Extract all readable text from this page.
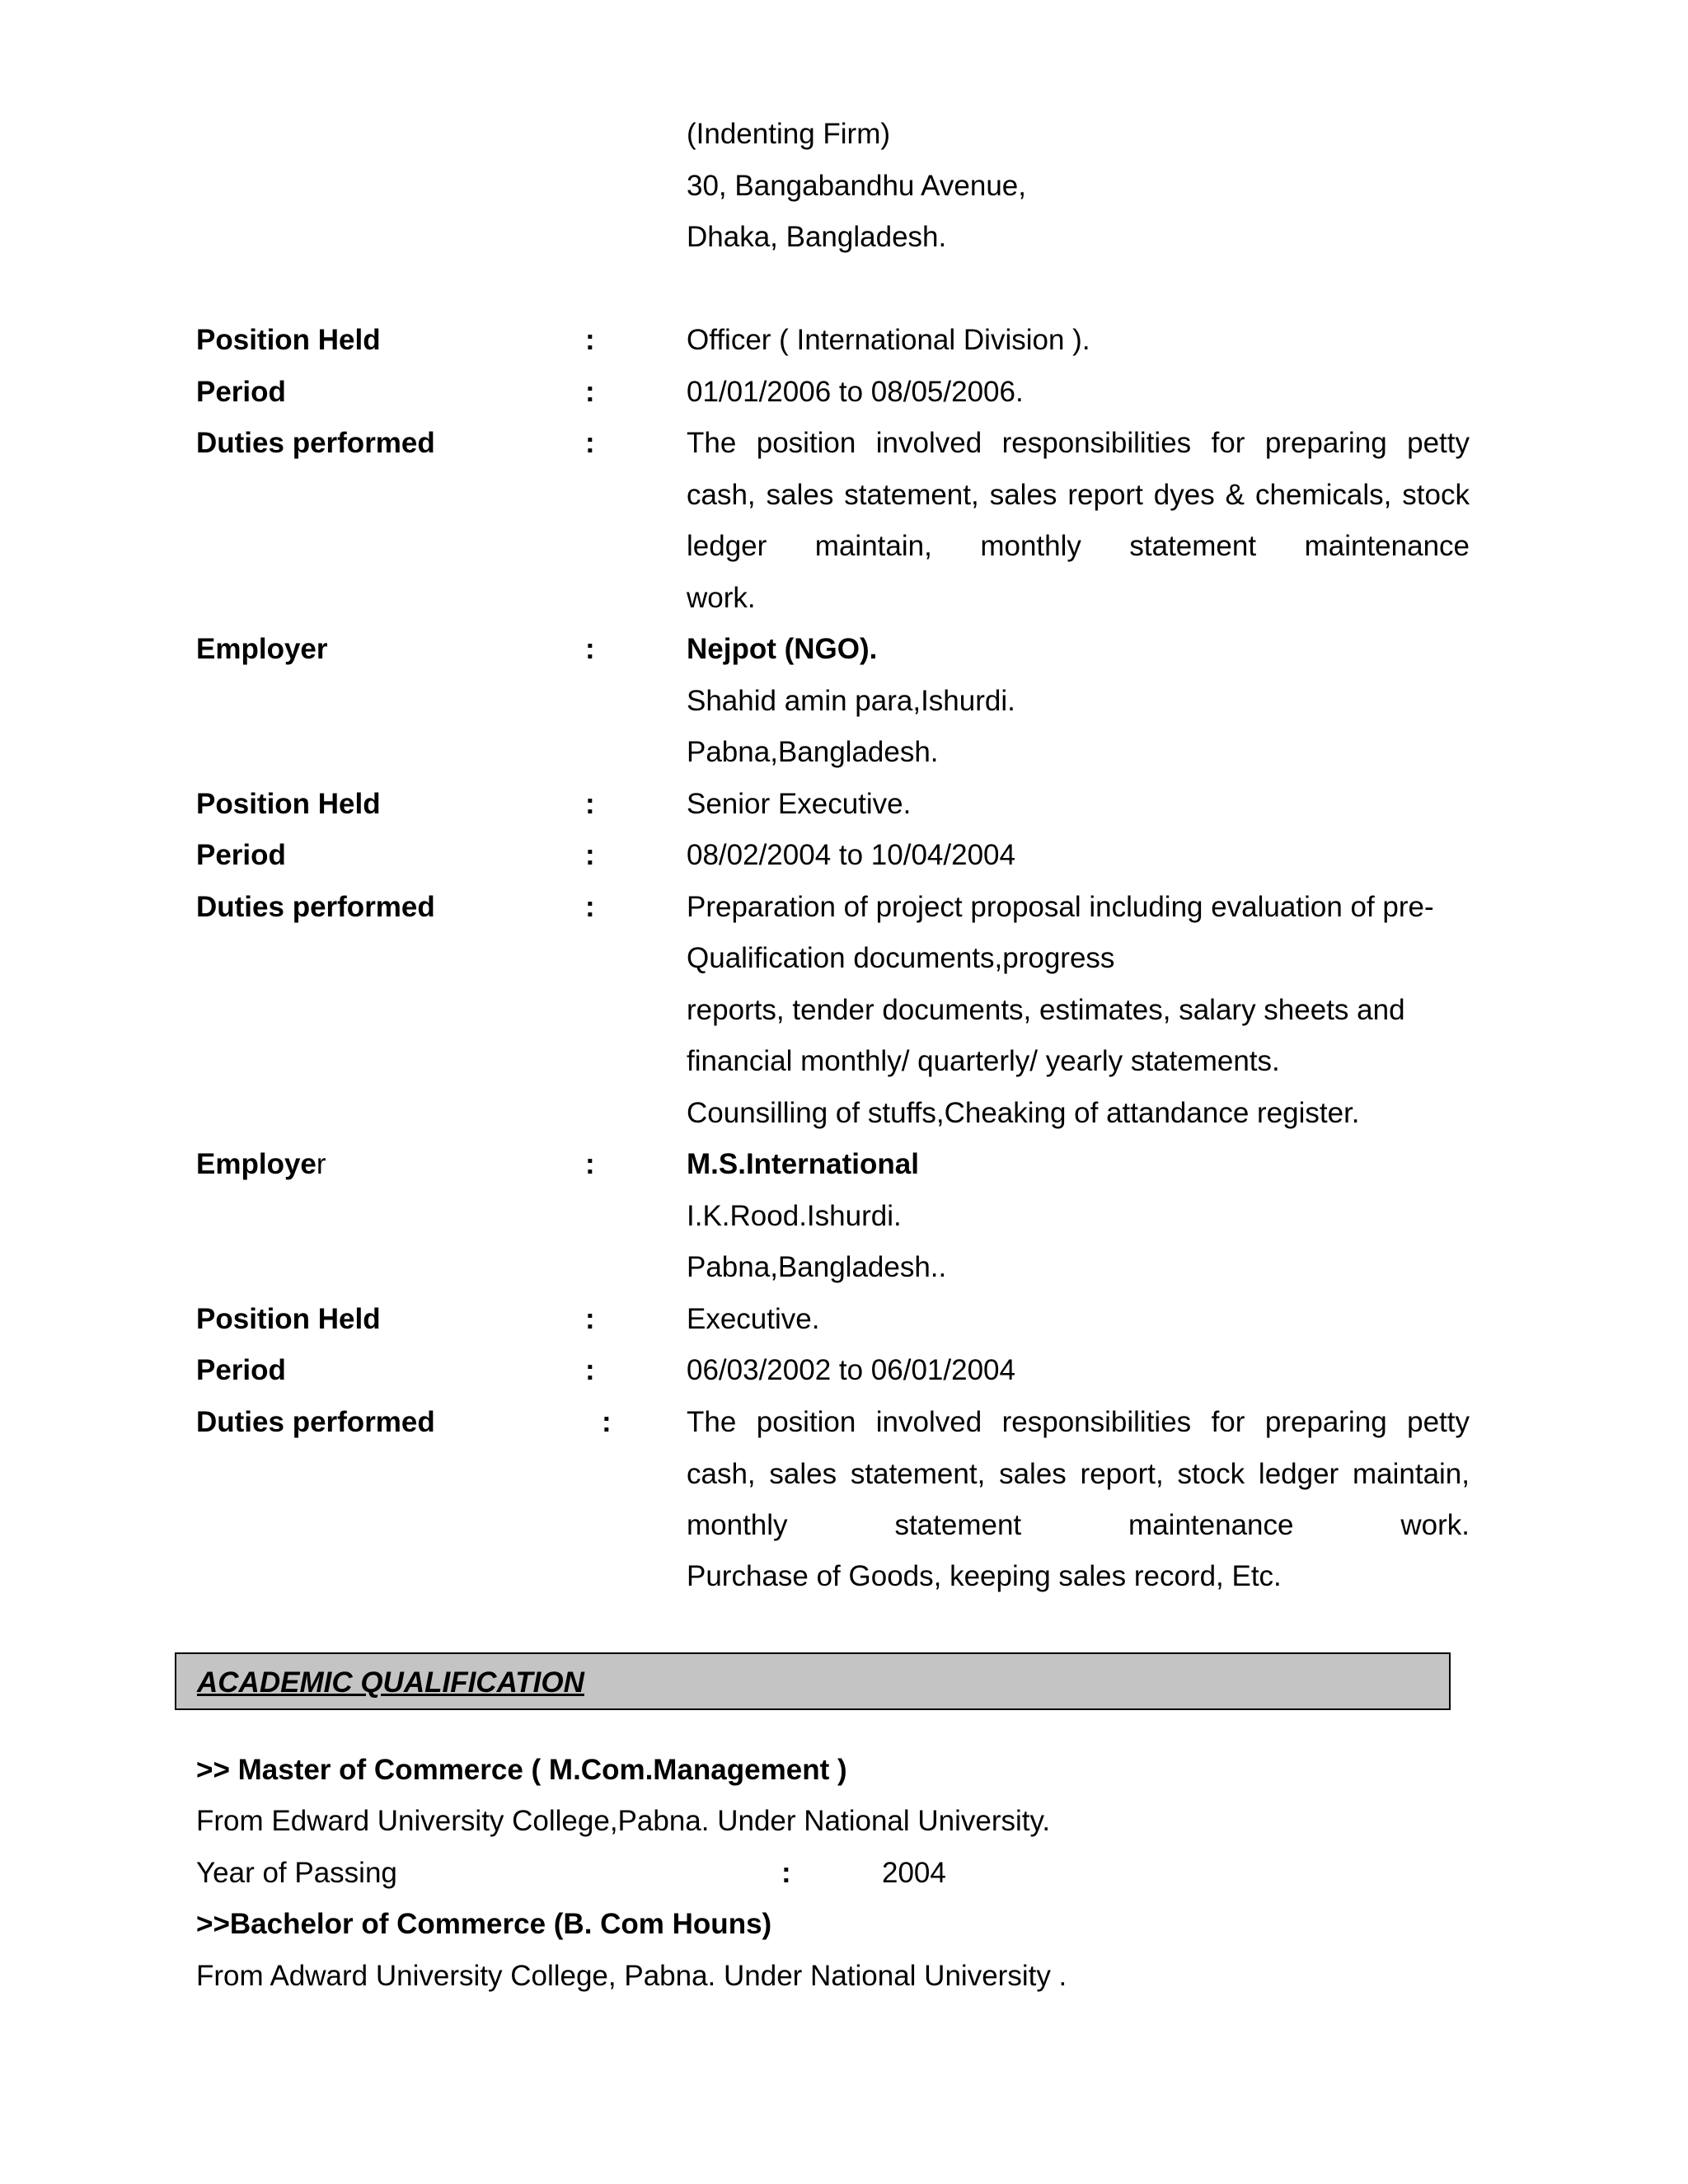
(Indenting Firm)
30, Bangabandhu Avenue,
Dhaka, Bangladesh.
Position Held	:	Officer ( International Division ).
Period	:	01/01/2006 to 08/05/2006.
Duties performed	:	The position involved responsibilities for preparing petty cash, sales statement, sales report dyes & chemicals, stock ledger maintain, monthly statement maintenance
work.
Employer	:	Nejpot (NGO).
Shahid amin para,Ishurdi.
Pabna,Bangladesh.
Position Held	:	Senior Executive.
Period	:	08/02/2004 to 10/04/2004
Duties performed	:	Preparation of project proposal including evaluation of pre-
Qualification documents,progress
reports, tender documents, estimates, salary sheets and
financial monthly/ quarterly/ yearly statements.
Counsilling of stuffs,Cheaking of attandance register.
Employer	:	M.S.International
I.K.Rood.Ishurdi.
Pabna,Bangladesh..
Position Held	:	Executive.
Period	:	06/03/2002 to 06/01/2004
Duties performed	:	The position involved responsibilities for preparing petty cash, sales statement, sales report, stock ledger maintain, monthly statement maintenance work.
Purchase of Goods, keeping sales record, Etc.
ACADEMIC QUALIFICATION
>> Master of Commerce ( M.Com.Management )
From Edward University College,Pabna. Under National University.
Year of Passing	:	2004
>>Bachelor of Commerce (B. Com Houns)
From Adward University College, Pabna. Under National University .
